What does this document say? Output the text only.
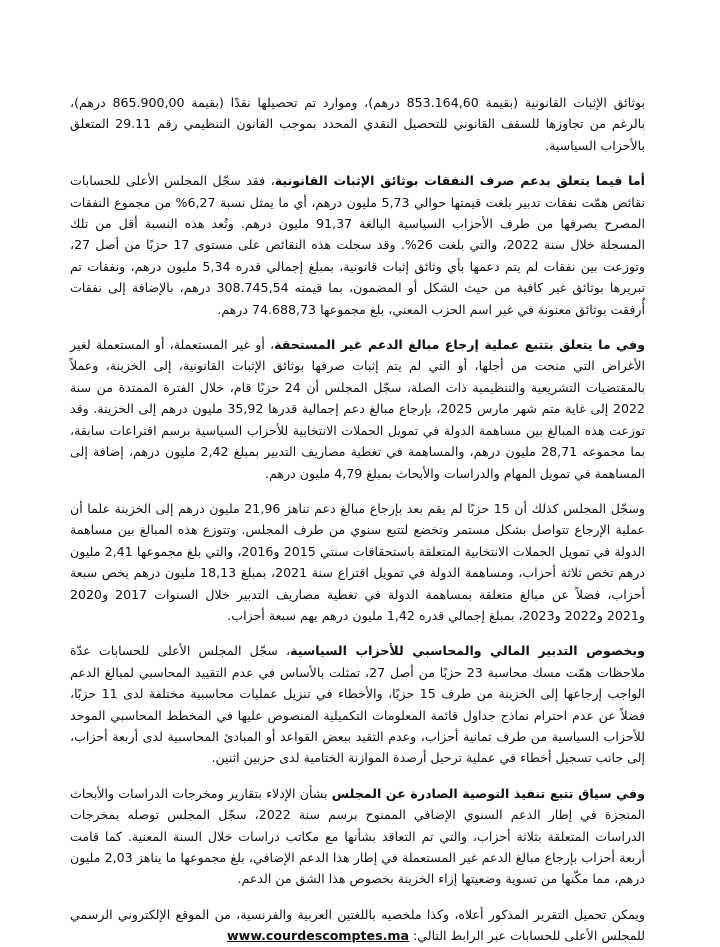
بوثائق الإثبات القانونية (بقيمة 853.164,60 درهم)، وموارد تم تحصيلها نقدًا (بقيمة 865.900,00 درهم)، بالرغم من تجاوزها للسقف القانوني للتحصيل النقدي المحدد بموجب القانون التنظيمي رقم 29.11 المتعلق بالأحزاب السياسية.

أما فيما يتعلق بدعم صرف النفقات بوثائق الإثبات القانونية، فقد سجّل المجلس الأعلى للحسابات نقائص همّت نفقات تدبير بلغت قيمتها حوالي 5,73 مليون درهم، أي ما يمثل نسبة 6,27% من مجموع النفقات المصرح بصرفها من طرف الأحزاب السياسية البالغة 91,37 مليون درهم. وتُعد هذه النسبة أقل من تلك المسجلة خلال سنة 2022، والتي بلغت 26%. وقد سجلت هذه النقائص على مستوى 17 حزبًا من أصل 27، وتوزعت بين نفقات لم يتم دعمها بأي وثائق إثبات قانونية، بمبلغ إجمالي قدره 5,34 مليون درهم، ونفقات تم تبريرها بوثائق غير كافية من حيث الشكل أو المضمون، بما قيمته 308.745,54 درهم، بالإضافة إلى نفقات أُرفقت بوثائق معنونة في غير اسم الحزب المعني، بلغ مجموعها 74.688,73 درهم.

وفي ما يتعلق بتتبع عملية إرجاع مبالغ الدعم غير المستحقة، أو غير المستعملة، أو المستعملة لغير الأغراض التي منحت من أجلها، أو التي لم يتم إثبات صرفها بوثائق الإثبات القانونية، إلى الخزينة، وعملاً بالمقتضيات التشريعية والتنظيمية ذات الصلة، سجّل المجلس أن 24 حزبًا قام، خلال الفترة الممتدة من سنة 2022 إلى غاية متم شهر مارس 2025، بإرجاع مبالغ دعم إجمالية قدرها 35,92 مليون درهم إلى الخزينة. وقد توزعت هذه المبالغ بين مساهمة الدولة في تمويل الحملات الانتخابية للأحزاب السياسية برسم اقتراعات سابقة، بما مجموعه 28,71 مليون درهم، والمساهمة في تغطية مصاريف التدبير بمبلغ 2,42 مليون درهم، إضافة إلى المساهمة في تمويل المهام والدراسات والأبحاث بمبلغ 4,79 مليون درهم.

وسجّل المجلس كذلك أن 15 حزبًا لم يقم بعد بإرجاع مبالغ دعم تناهز 21,96 مليون درهم إلى الخزينة علما أن عملية الإرجاع تتواصل بشكل مستمر وتخضع لتتبع سنوي من طرف المجلس. وتتوزع هذه المبالغ بين مساهمة الدولة في تمويل الحملات الانتخابية المتعلقة باستحقاقات سنتي 2015 و2016، والتي بلغ مجموعها 2,41 مليون درهم تخص ثلاثة أحزاب، ومساهمة الدولة في تمويل اقتراع سنة 2021، بمبلغ 18,13 مليون درهم يخص سبعة أحزاب، فضلاً عن مبالغ متعلقة بمساهمة الدولة في تغطية مصاريف التدبير خلال السنوات 2017 و2020 و2021 و2022 و2023، بمبلغ إجمالي قدره 1,42 مليون درهم يهم سبعة أحزاب.

وبخصوص التدبير المالي والمحاسبي للأحزاب السياسية، سجّل المجلس الأعلى للحسابات عدّة ملاحظات همّت مسك محاسبة 23 حزبًا من أصل 27، تمثلت بالأساس في عدم التقييد المحاسبي لمبالغ الدعم الواجب إرجاعها إلى الخزينة من طرف 15 حزبًا، والأخطاء في تنزيل عمليات محاسبية مختلفة لدى 11 حزبًا، فضلاً عن عدم احترام نماذج جداول قائمة المعلومات التكميلية المنصوص عليها في المخطط المحاسبي الموحد للأحزاب السياسية من طرف ثمانية أحزاب، وعدم التقيد ببعض القواعد أو المبادئ المحاسبية لدى أربعة أحزاب، إلى جانب تسجيل أخطاء في عملية ترحيل أرصدة الموازنة الختامية لدى حزبين اثنين.

وفي سياق تتبع تنفيذ التوصية الصادرة عن المجلس بشأن الإدلاء بتقارير ومخرجات الدراسات والأبحاث المنجزة في إطار الدعم السنوي الإضافي الممنوح برسم سنة 2022، سجّل المجلس توصله بمخرجات الدراسات المتعلقة بثلاثة أحزاب، والتي تم التعاقد بشأنها مع مكاتب دراسات خلال السنة المعنية. كما قامت أربعة أحزاب بإرجاع مبالغ الدعم غير المستعملة في إطار هذا الدعم الإضافي، بلغ مجموعها ما يناهز 2,03 مليون درهم، مما مكّنها من تسوية وضعيتها إزاء الخزينة بخصوص هذا الشق من الدعم.

ويمكن تحميل التقرير المذكور أعلاه، وكذا ملخصيه باللغتين العربية والفرنسية، من الموقع الإلكتروني الرسمي للمجلس الأعلى للحسابات عبر الرابط التالي: www.courdescomptes.ma
